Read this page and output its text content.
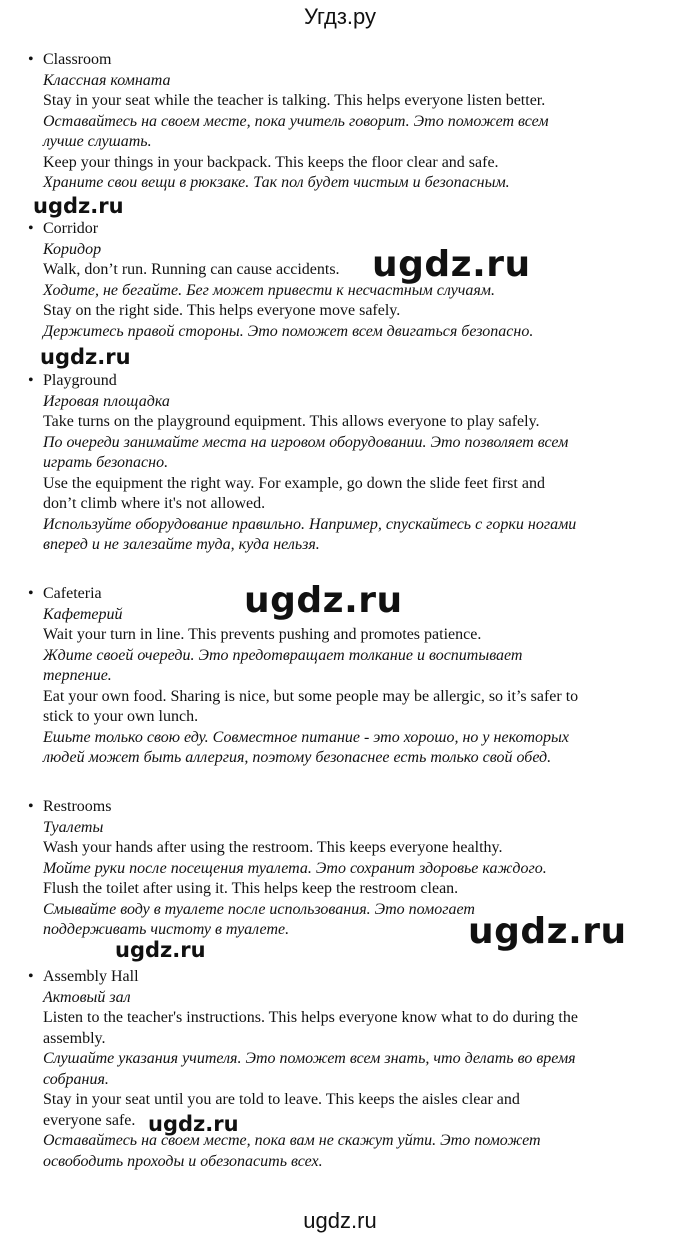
Угдз.ру
• Classroom
Классная комната
Stay in your seat while the teacher is talking. This helps everyone listen better.
Оставайтесь на своем месте, пока учитель говорит. Это поможет всем
лучше слушать.
Keep your things in your backpack. This keeps the floor clear and safe.
Храните свои вещи в рюкзаке. Так пол будет чистым и безопасным.
• Corridor
Коридор
Walk, don’t run. Running can cause accidents.
Ходите, не бегайте. Бег может привести к несчастным случаям.
Stay on the right side. This helps everyone move safely.
Держитесь правой стороны. Это поможет всем двигаться безопасно.
• Playground
Игровая площадка
Take turns on the playground equipment. This allows everyone to play safely.
По очереди занимайте места на игровом оборудовании. Это позволяет всем
играть безопасно.
Use the equipment the right way. For example, go down the slide feet first and
don’t climb where it's not allowed.
Используйте оборудование правильно. Например, спускайтесь с горки ногами
вперед и не залезайте туда, куда нельзя.
• Cafeteria
Кафетерий
Wait your turn in line. This prevents pushing and promotes patience.
Ждите своей очереди. Это предотвращает толкание и воспитывает
терпение.
Eat your own food. Sharing is nice, but some people may be allergic, so it’s safer to
stick to your own lunch.
Ешьте только свою еду. Совместное питание - это хорошо, но у некоторых
людей может быть аллергия, поэтому безопаснее есть только свой обед.
• Restrooms
Туалеты
Wash your hands after using the restroom. This keeps everyone healthy.
Мойте руки после посещения туалета. Это сохранит здоровье каждого.
Flush the toilet after using it. This helps keep the restroom clean.
Смывайте воду в туалете после использования. Это помогает
поддерживать чистоту в туалете.
• Assembly Hall
Актовый зал
Listen to the teacher's instructions. This helps everyone know what to do during the
assembly.
Слушайте указания учителя. Это поможет всем знать, что делать во время
собрания.
Stay in your seat until you are told to leave. This keeps the aisles clear and
everyone safe.
Оставайтесь на своем месте, пока вам не скажут уйти. Это поможет
освободить проходы и обезопасить всех.
ugdz.ru
ugdz.ru
ugdz.ru
ugdz.ru
ugdz.ru
ugdz.ru
ugdz.ru
ugdz.ru
